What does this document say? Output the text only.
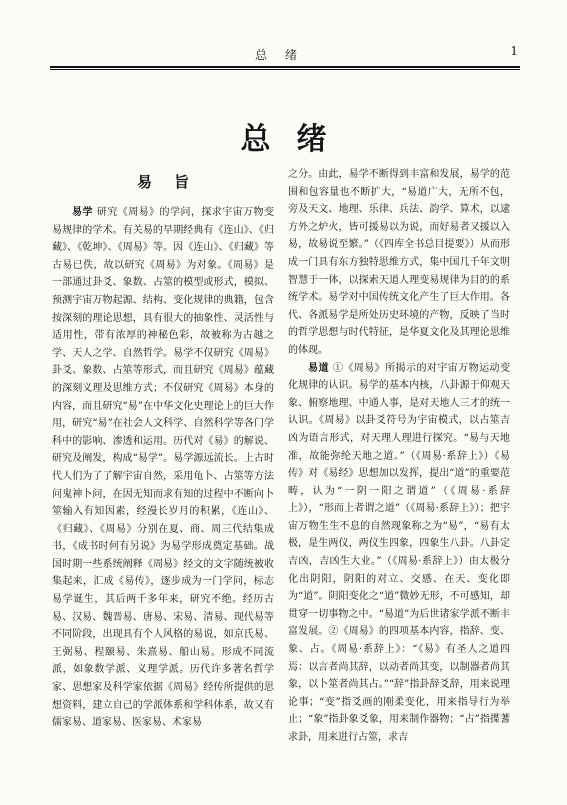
总绪	1
总绪
易旨

易学 研究《周易》的学问，探求宇宙万物变易规律的学术。有关易的早期经典有《连山》、《归藏》、《乾坤》、《周易》等。因《连山》、《归藏》等古易已佚，故以研究《周易》为对象。《周易》是一部通过卦爻、象数、占筮的模型或形式，模拟、预测宇宙万物起源、结构、变化规律的典籍，包含按深刻的理论思想，具有很大的抽象性、灵活性与适用性，带有浓厚的神秘色彩，故被称为古越之学、天人之学、自然哲学。易学不仅研究《周易》卦爻、象数、占筮等形式，而且研究《周易》蕴藏的深刻义理及思维方式；不仅研究《周易》本身的内容，而且研究“易”在中华文化史理论上的巨大作用，研究“易”在社会人文科学、自然科学等各门学科中的影响、渗透和运用。历代对《易》的解说、研究及阐发，构成“易学”。易学源远流长。上古时代人们为了了解宇宙自然，采用龟卜、占筮等方法问鬼神卜问，在因无知而求有知的过程中不断向卜筮输入有知因素，经漫长岁月的积累，《连山》、《归藏》、《周易》分别在夏、商、周三代结集成书，《成书时何有另说》为易学形成奠定基础。战国时期一些系统阐释《周易》经文的文字随统被收集起来，汇成《易传》，逐步成为一门学问，标志易学诞生，其后两千多年来，研究不绝。经历古易、汉易、魏晋易、唐易、宋易、清易、现代易等不同阶段，出现具有个人风格的易说，如京氏易、王弼易、程颐易、朱熹易、船山易。形成不同流派，如象数学派、义理学派。历代许多著名哲学家、思想家及科学家依据《周易》经传所提供的思想资料，建立自己的学派体系和学科体系，故又有儒家易、道家易、医家易、术家易

之分。由此，易学不断得到丰富和发展，易学的范围和包容量也不断扩大，“易道广大，无所不包，旁及天文、地理、乐律、兵法、韵学、算术，以逮方外之炉火，皆可援易以为说，而好易者又援以入易，故易说至繁。”（《四库全书总目提要》）从而形成一门具有东方独特思维方式，集中国几千年文明智慧于一体，以探索天道人理变易规律为目的的系统学术。易学对中国传统文化产生了巨大作用。各代、各派易学是所处历史环境的产物，反映了当时的哲学思想与时代特征，是华夏文化及其理论思维的体现。

易道 ①《周易》所揭示的对宇宙万物运动变化规律的认识。易学的基本内核，八卦源于仰观天象、俯察地理、中通人事，是对天地人三才的统一认识。《周易》以卦爻符号为宇宙模式，以占筮吉凶为语言形式，对天理人理进行探究。“易与天地准，故能弥纶天地之道。”（《周易·系辞上》）《易传》对《易经》思想加以发挥，提出“道”的重要范畴，认为“一阴一阳之谓道”（《周易·系辞上》），“形而上者谓之道”（《周易·系辞上》）；把宇宙万物生生不息的自然现象称之为“易”，“易有太极，是生两仪，两仪生四象，四象生八卦。八卦定吉凶，吉凶生大业。”（《周易·系辞上》）由太极分化出阴阳，阴阳的对立、交感、在天、变化即为“道”。阴阳变化之“道”微妙无形，不可感知，却贯穿一切事物之中。“易道”为后世诸家学派不断丰富发展。②《周易》的四项基本内容，指辞、变、象、占。《周易·系辞上》：“《易》有圣人之道四焉：以言者尚其辞，以动者尚其变，以制器者尚其象，以卜筮者尚其占。”“辞”指卦辞爻辞，用来说理论事；“变”指爻画的刚柔变化，用来指导行为举止；“象”指卦象爻象，用来制作器物；“占”指揲蓍求卦，用来进行占筮，求吉
